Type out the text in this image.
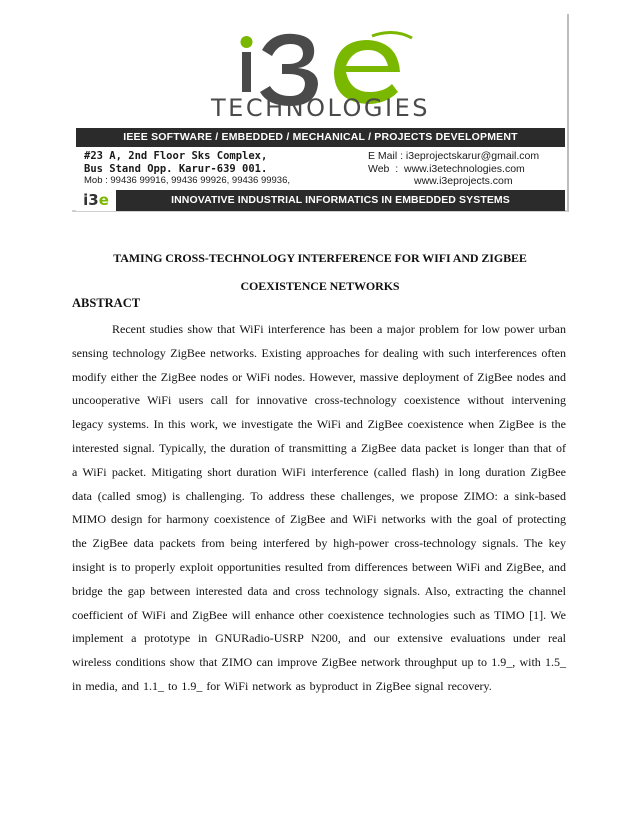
TECHNOLOGIES
IEEE SOFTWARE / EMBEDDED / MECHANICAL / PROJECTS DEVELOPMENT
#23 A, 2nd Floor Sks Complex,
Bus Stand Opp. Karur-639 001.
Mob : 99436 99916, 99436 99926, 99436 99936,
E Mail : i3eprojectskarur@gmail.com
Web  :  www.i3etechnologies.com
www.i3eprojects.com
i3e	INNOVATIVE INDUSTRIAL INFORMATICS IN EMBEDDED SYSTEMS
TAMING CROSS-TECHNOLOGY INTERFERENCE FOR WIFI AND ZIGBEE
COEXISTENCE NETWORKS
ABSTRACT
Recent studies show that WiFi interference has been a major problem for low power urban sensing technology ZigBee networks. Existing approaches for dealing with such interferences often modify either the ZigBee nodes or WiFi nodes. However, massive deployment of ZigBee nodes and uncooperative WiFi users call for innovative cross-technology coexistence without intervening legacy systems. In this work, we investigate the WiFi and ZigBee coexistence when ZigBee is the interested signal. Typically, the duration of transmitting a ZigBee data packet is longer than that of a WiFi packet. Mitigating short duration WiFi interference (called flash) in long duration ZigBee data (called smog) is challenging. To address these challenges, we propose ZIMO: a sink-based MIMO design for harmony coexistence of ZigBee and WiFi networks with the goal of protecting the ZigBee data packets from being interfered by high-power cross-technology signals. The key insight is to properly exploit opportunities resulted from differences between WiFi and ZigBee, and bridge the gap between interested data and cross technology signals. Also, extracting the channel coefficient of WiFi and ZigBee will enhance other coexistence technologies such as TIMO [1]. We implement a prototype in GNURadio-USRP N200, and our extensive evaluations under real wireless conditions show that ZIMO can improve ZigBee network throughput up to 1.9_, with 1.5_ in media, and 1.1_ to 1.9_ for WiFi network as byproduct in ZigBee signal recovery.
